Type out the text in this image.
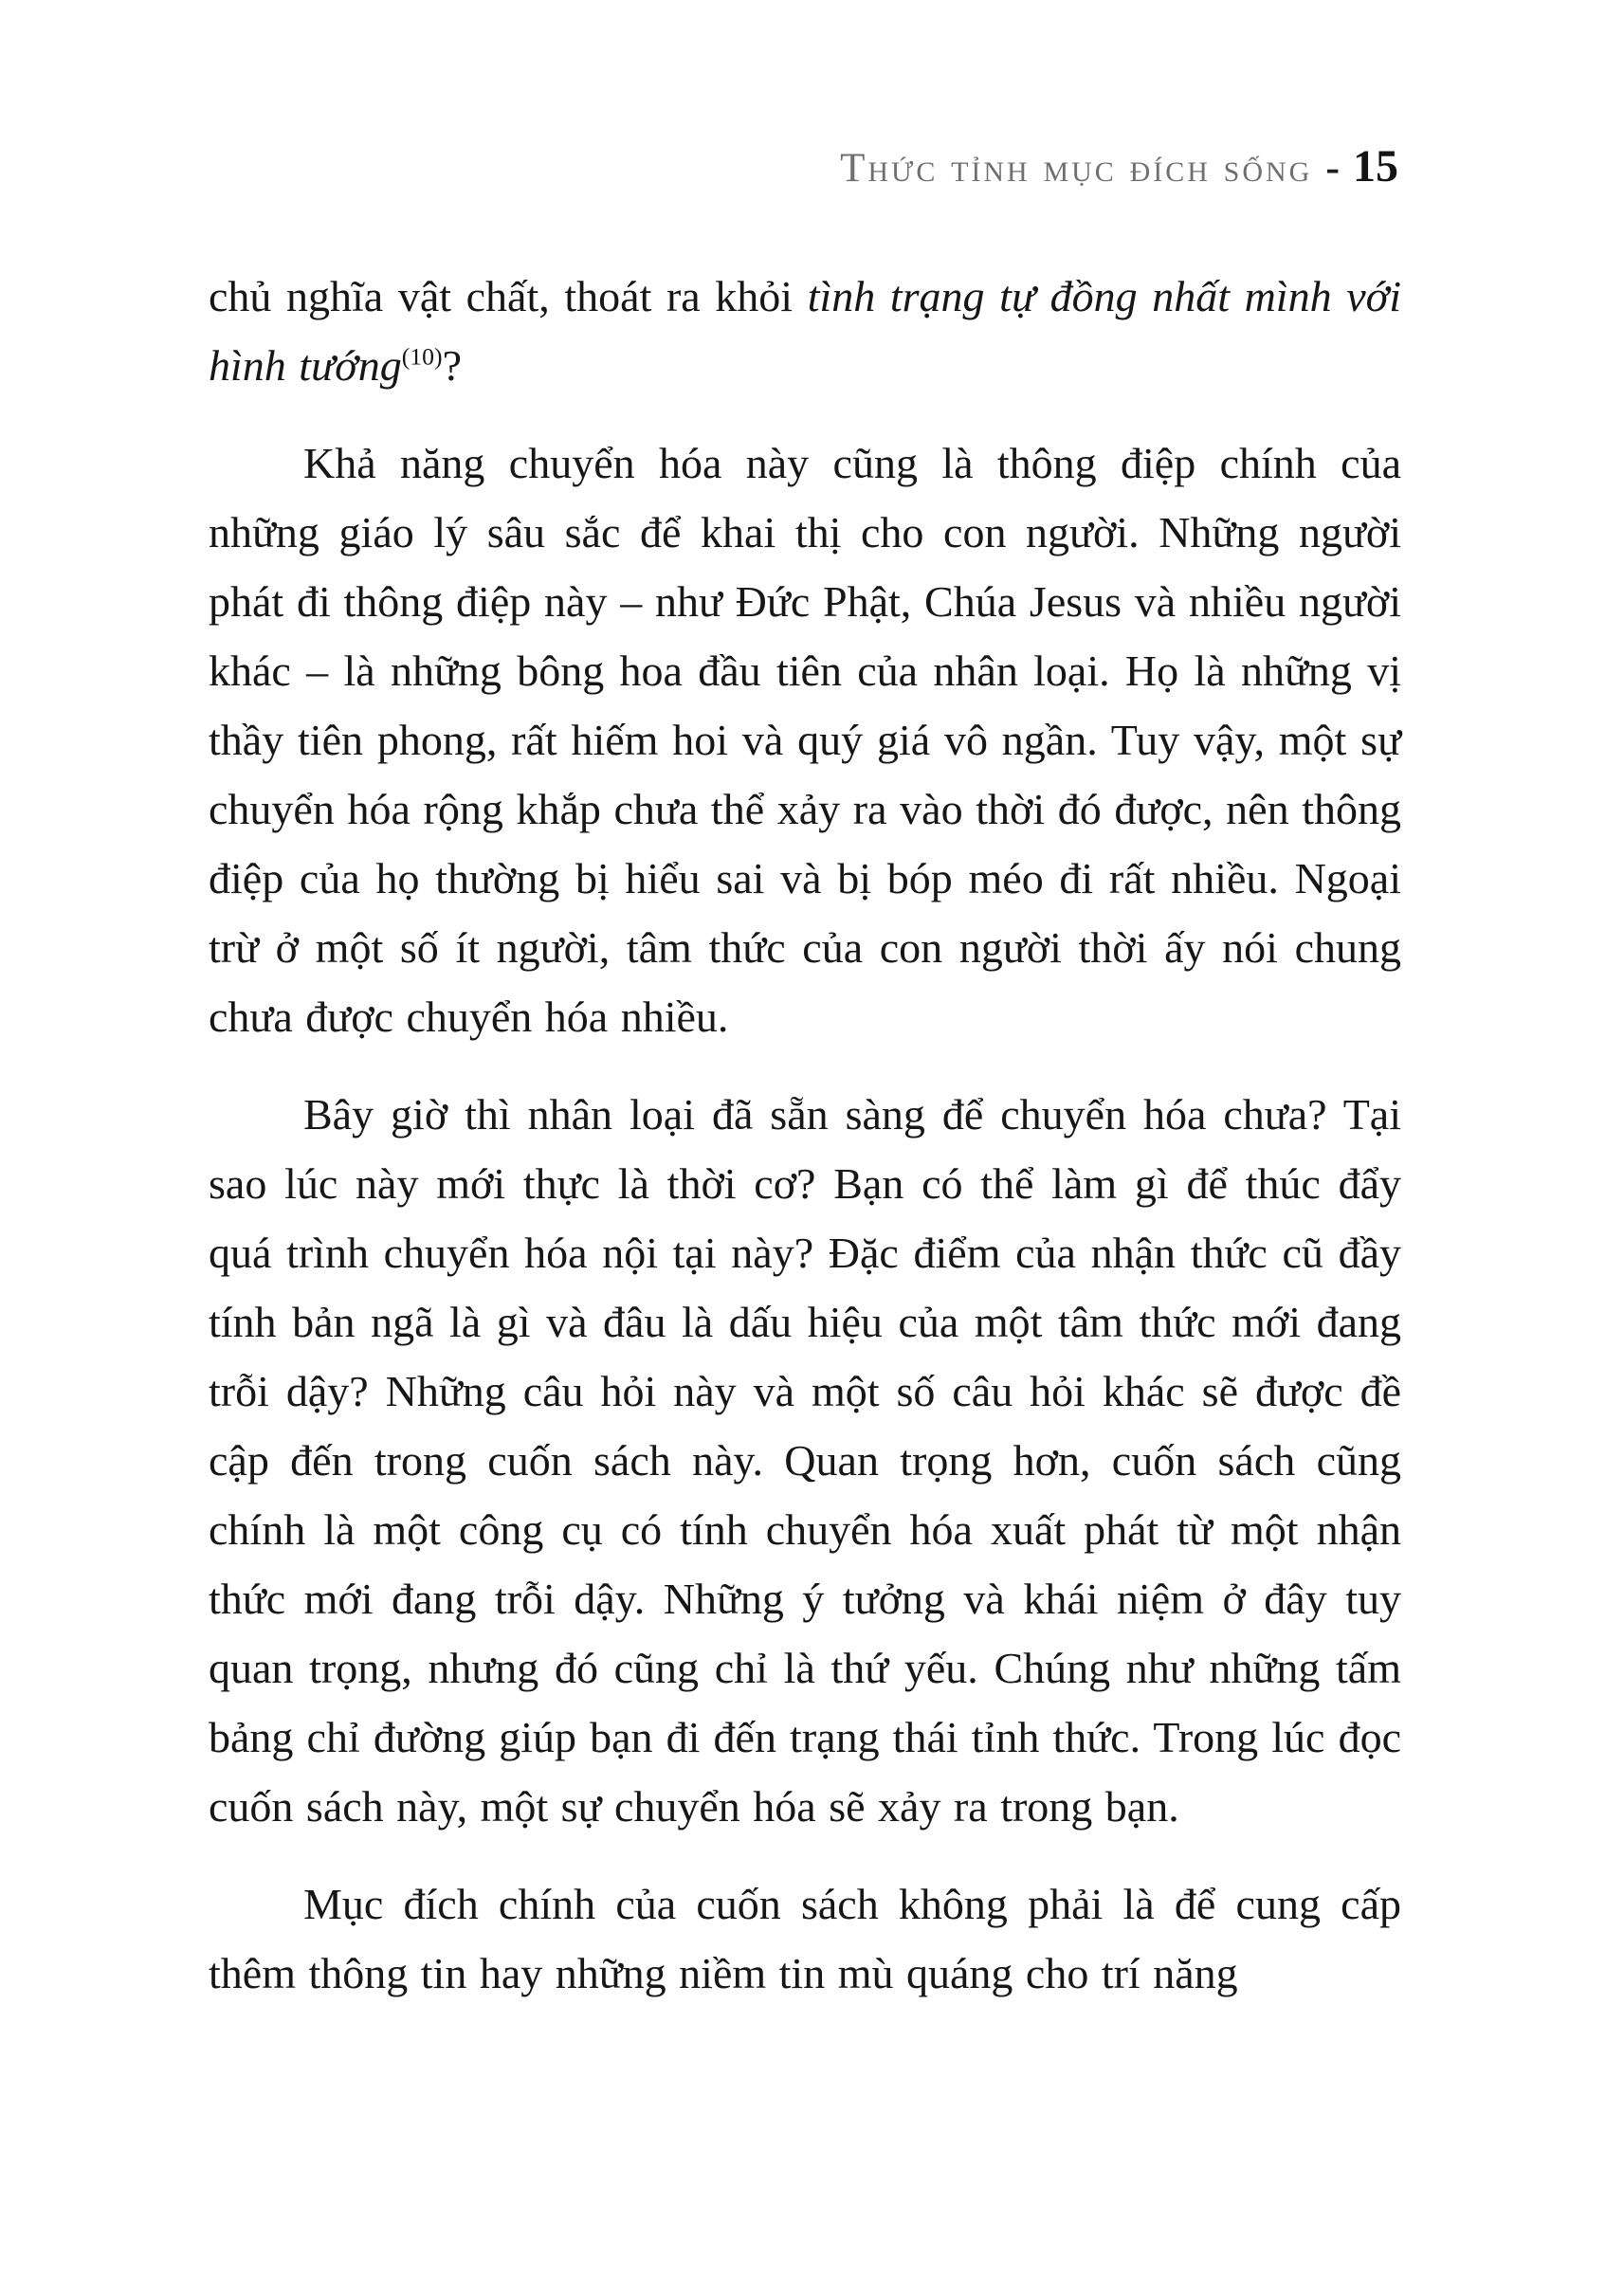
Thức tỉnh mục đích sống - 15

chủ nghĩa vật chất, thoát ra khỏi tình trạng tự đồng nhất mình với hình tướng$^{(10)}$?

Khả năng chuyển hóa này cũng là thông điệp chính của những giáo lý sâu sắc để khai thị cho con người. Những người phát đi thông điệp này – như Đức Phật, Chúa Jesus và nhiều người khác – là những bông hoa đầu tiên của nhân loại. Họ là những vị thầy tiên phong, rất hiếm hoi và quý giá vô ngần. Tuy vậy, một sự chuyển hóa rộng khắp chưa thể xảy ra vào thời đó được, nên thông điệp của họ thường bị hiểu sai và bị bóp méo đi rất nhiều. Ngoại trừ ở một số ít người, tâm thức của con người thời ấy nói chung chưa được chuyển hóa nhiều.

Bây giờ thì nhân loại đã sẵn sàng để chuyển hóa chưa? Tại sao lúc này mới thực là thời cơ? Bạn có thể làm gì để thúc đẩy quá trình chuyển hóa nội tại này? Đặc điểm của nhận thức cũ đầy tính bản ngã là gì và đâu là dấu hiệu của một tâm thức mới đang trỗi dậy? Những câu hỏi này và một số câu hỏi khác sẽ được đề cập đến trong cuốn sách này. Quan trọng hơn, cuốn sách cũng chính là một công cụ có tính chuyển hóa xuất phát từ một nhận thức mới đang trỗi dậy. Những ý tưởng và khái niệm ở đây tuy quan trọng, nhưng đó cũng chỉ là thứ yếu. Chúng như những tấm bảng chỉ đường giúp bạn đi đến trạng thái tỉnh thức. Trong lúc đọc cuốn sách này, một sự chuyển hóa sẽ xảy ra trong bạn.

Mục đích chính của cuốn sách không phải là để cung cấp thêm thông tin hay những niềm tin mù quáng cho trí năng
